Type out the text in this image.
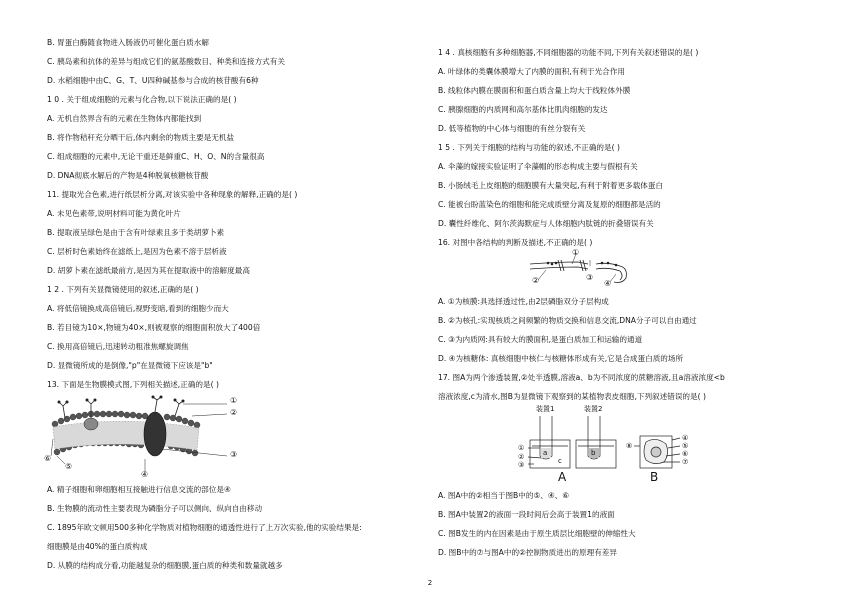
B. 胃蛋白酶随食物进入肠液仍可催化蛋白质水解
C. 胰岛素和抗体的差异与组成它们的氨基酸数目、种类和连接方式有关
D. 水稻细胞中由C、G、T、U四种碱基参与合成的核苷酸有6种
1 0 . 关于组成细胞的元素与化合物,以下说法正确的是( )
A. 无机自然界含有的元素在生物体内都能找到
B. 将作物秸秆充分晒干后,体内剩余的物质主要是无机盐
C. 组成细胞的元素中,无论干重还是鲜重C、H、O、N的含量很高
D. DNA彻底水解后的产物是4种脱氧核糖核苷酸
11. 提取光合色素,进行纸层析分离,对该实验中各种现象的解释,正确的是( )
A. 未见色素带,说明材料可能为黄化叶片
B. 提取液呈绿色是由于含有叶绿素且多于类胡萝卜素
C. 层析时色素始终在滤纸上,是因为色素不溶于层析液
D. 胡萝卜素在滤纸最前方,是因为其在提取液中的溶解度最高
1 2 . 下列有关显微镜使用的叙述,正确的是( )
A. 将低倍镜换成高倍镜后,视野变暗,看到的细胞少而大
B. 若目镜为10×,物镜为40×,则被观察的细胞面积放大了400倍
C. 换用高倍镜后,迅速转动粗准焦螺旋调焦
D. 显微镜所成的是倒像,"p"在显微镜下应该是"b"
13. 下面是生物膜模式图,下列相关描述,正确的是( )
①
②
③
④
⑤
⑥
A. 精子细胞和卵细胞相互接触进行信息交流的部位是④
B. 生物膜的流动性主要表现为磷脂分子可以侧向、纵向自由移动
C. 1895年欧文顿用500多种化学物质对植物细胞的通透性进行了上万次实验,他的实验结果是:
细胞膜是由40%的蛋白质构成
D. 从膜的结构成分看,功能越复杂的细胞膜,蛋白质的种类和数量就越多
1 4 . 真核细胞有多种细胞器,不同细胞器的功能不同,下列有关叙述错误的是( )
A. 叶绿体的类囊体膜增大了内膜的面积,有利于光合作用
B. 线粒体内膜在膜面积和蛋白质含量上均大于线粒体外膜
C. 胰腺细胞的内质网和高尔基体比肌肉细胞的发达
D. 低等植物的中心体与细胞的有丝分裂有关
1 5 . 下列关于细胞的结构与功能的叙述,不正确的是( )
A. 伞藻的嫁接实验证明了伞藻帽的形态构成主要与假根有关
B. 小肠绒毛上皮细胞的细胞膜有大量突起,有利于附着更多载体蛋白
C. 能被台盼蓝染色的细胞和能完成质壁分离及复原的细胞都是活的
D. 囊性纤维化、阿尔茨海默症与人体细胞内肽链的折叠错误有关
16. 对图中各结构的判断及描述,不正确的是( )
①
②	③
④
A. ①为核膜:具选择透过性,由2层磷脂双分子层构成
B. ②为核孔:实现核质之间频繁的物质交换和信息交流,DNA分子可以自由通过
C. ③为内质网:具有较大的膜面积,是蛋白质加工和运输的通道
D. ④为核糖体: 真核细胞中核仁与核糖体形成有关,它是合成蛋白质的场所
17. 图A为两个渗透装置,②处半透膜,溶液a、b为不同浓度的蔗糖溶液,且a溶液浓度<b
溶液浓度,c为清水,图B为显微镜下观察到的某植物表皮细胞,下列叙述错误的是( )
装置1	装置2
a	b
c
①
②
③
A	B
④
⑤
⑥
⑦
⑧
A. 图A中的②相当于图B中的⑤、④、⑥
B. 图A中装置2的液面一段时间后会高于装置1的液面
C. 图B发生的内在因素是由于原生质层比细胞壁的伸缩性大
D. 图B中的⑦与图A中的②控制物质进出的原理有差异
2
